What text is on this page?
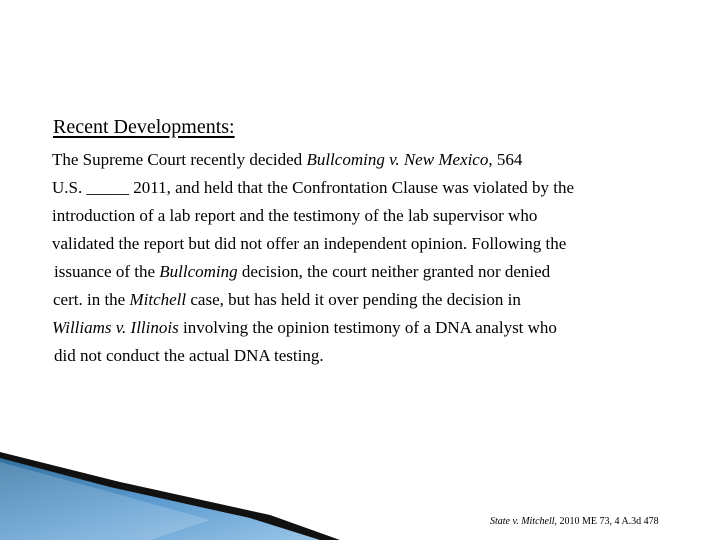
Recent Developments:
The Supreme Court recently decided Bullcoming v. New Mexico, 564
U.S. _____ 2011, and held that the Confrontation Clause was violated by the
introduction of a lab report and the testimony of the lab supervisor who
validated the report but did not offer an independent opinion. Following the
issuance of the Bullcoming decision, the court neither granted nor denied
cert. in the Mitchell case, but has held it over pending the decision in
Williams v. Illinois involving the opinion testimony of a DNA analyst who
did not conduct the actual DNA testing.
State v. Mitchell, 2010 ME 73, 4 A.3d 478
